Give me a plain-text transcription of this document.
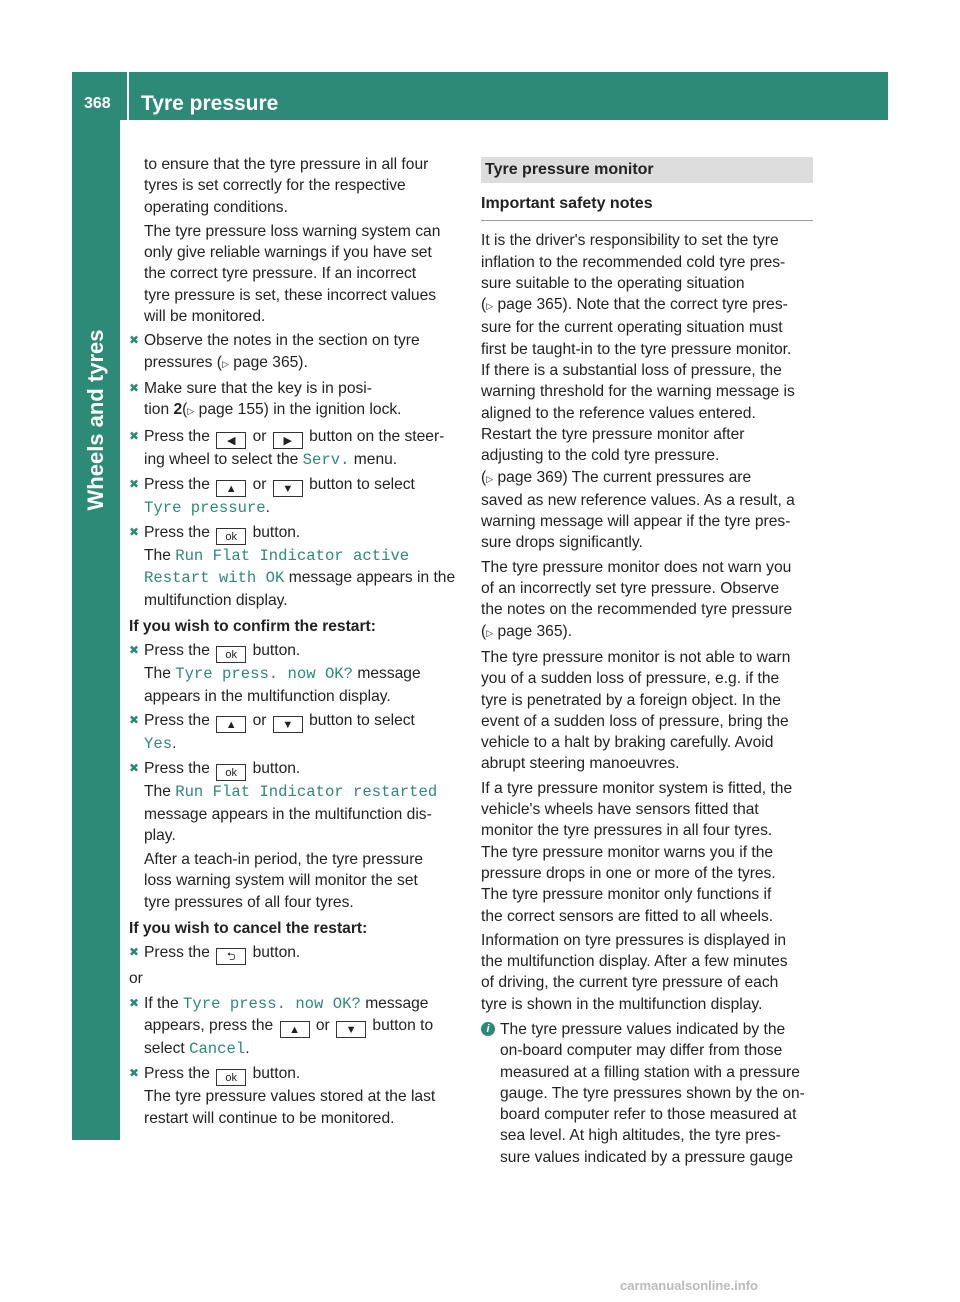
368 Tyre pressure
Wheels and tyres

to ensure that the tyre pressure in all four

tyres is set correctly for the respective

operating conditions.

The tyre pressure loss warning system can

only give reliable warnings if you have set

the correct tyre pressure. If an incorrect

tyre pressure is set, these incorrect values

will be monitored.

✖

Observe the notes in the section on tyre

pressures (▷ page 365).

✖

Make sure that the key is in posi-

tion 2(▷ page 155) in the ignition lock.

✖

Press the ◀ or ▶ button on the steer-

ing wheel to select the Serv. menu.

✖

Press the ▲ or ▼ button to select

Tyre pressure.

✖

Press the ok button.

The Run Flat Indicator active

Restart with OK message appears in the

multifunction display.

If you wish to confirm the restart:

✖

Press the ok button.

The Tyre press. now OK? message

appears in the multifunction display.

✖

Press the ▲ or ▼ button to select

Yes.

✖

Press the ok button.

The Run Flat Indicator restarted

message appears in the multifunction dis-

play.

After a teach-in period, the tyre pressure

loss warning system will monitor the set

tyre pressures of all four tyres.

If you wish to cancel the restart:

✖

Press the ⮌ button.

or

✖

If the Tyre press. now OK? message

appears, press the ▲ or ▼ button to

select Cancel.

✖

Press the ok button.

The tyre pressure values stored at the last

restart will continue to be monitored.

Tyre pressure monitor
Important safety notes

It is the driver's responsibility to set the tyre

inflation to the recommended cold tyre pres-

sure suitable to the operating situation

(▷ page 365). Note that the correct tyre pres-

sure for the current operating situation must

first be taught-in to the tyre pressure monitor.

If there is a substantial loss of pressure, the

warning threshold for the warning message is

aligned to the reference values entered.

Restart the tyre pressure monitor after

adjusting to the cold tyre pressure.

(▷ page 369) The current pressures are

saved as new reference values. As a result, a

warning message will appear if the tyre pres-

sure drops significantly.

The tyre pressure monitor does not warn you

of an incorrectly set tyre pressure. Observe

the notes on the recommended tyre pressure

(▷ page 365).

The tyre pressure monitor is not able to warn

you of a sudden loss of pressure, e.g. if the

tyre is penetrated by a foreign object. In the

event of a sudden loss of pressure, bring the

vehicle to a halt by braking carefully. Avoid

abrupt steering manoeuvres.

If a tyre pressure monitor system is fitted, the

vehicle's wheels have sensors fitted that

monitor the tyre pressures in all four tyres.

The tyre pressure monitor warns you if the

pressure drops in one or more of the tyres.

The tyre pressure monitor only functions if

the correct sensors are fitted to all wheels.

Information on tyre pressures is displayed in

the multifunction display. After a few minutes

of driving, the current tyre pressure of each

tyre is shown in the multifunction display.

i The tyre pressure values indicated by the

on-board computer may differ from those

measured at a filling station with a pressure

gauge. The tyre pressures shown by the on-

board computer refer to those measured at

sea level. At high altitudes, the tyre pres-

sure values indicated by a pressure gauge

carmanualsonline.info
